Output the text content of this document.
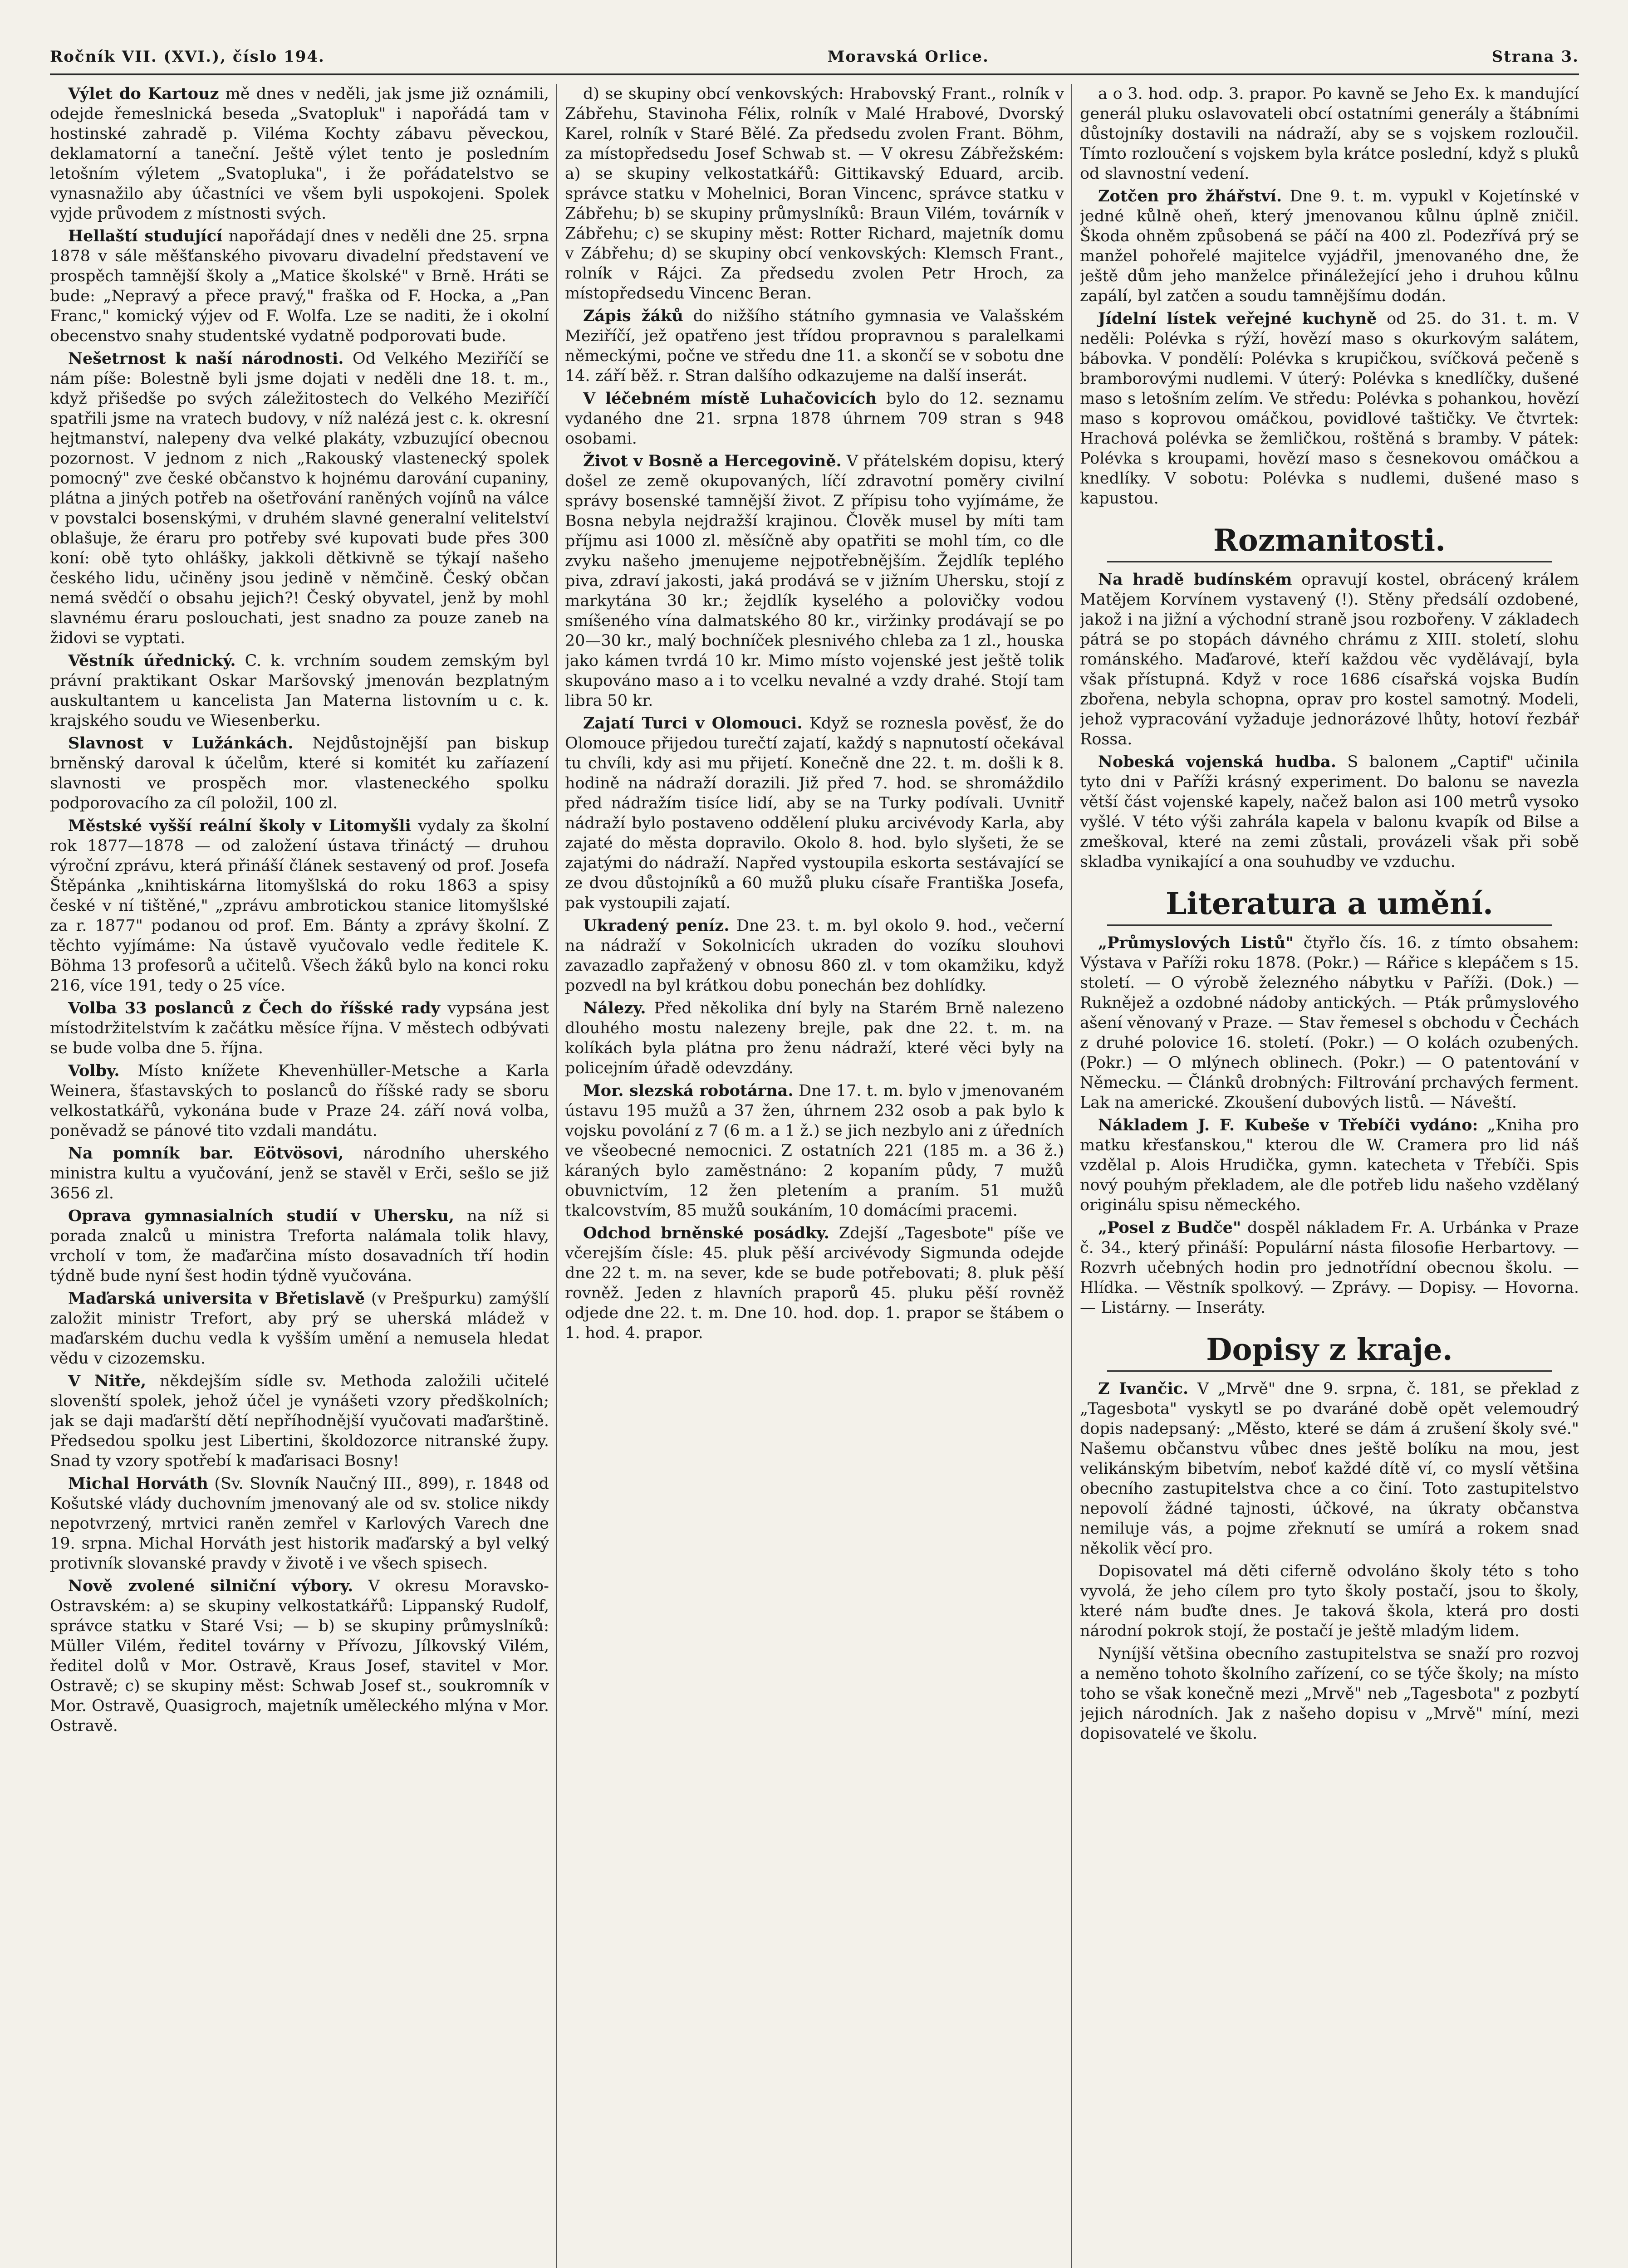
Ročník VII. (XVI.), číslo 194.	Moravská Orlice.	Strana 3.

Výlet do Kartouz mě dnes v neděli, jak jsme již oznámili, odejde řemeslnická beseda „Svatopluk" i napořádá tam v hostinské zahradě p. Viléma Kochty zábavu pěveckou, deklamatorní a taneční. Ještě výlet tento je posledním letošním výletem „Svatopluka", i že pořádatelstvo se vynasnažilo aby účastníci ve všem byli uspokojeni. Spolek vyjde průvodem z místnosti svých.

Hellaští studující napořádají dnes v neděli dne 25. srpna 1878 v sále měšťanského pivovaru divadelní představení ve prospěch tamnější školy a „Matice školské" v Brně. Hráti se bude: „Nepravý a přece pravý," fraška od F. Hocka, a „Pan Franc," komický výjev od F. Wolfa. Lze se naditi, že i okolní obecenstvo snahy studentské vydatně podporovati bude.

Nešetrnost k naší národnosti. Od Velkého Meziříčí se nám píše: Bolestně byli jsme dojati v neděli dne 18. t. m., když přišedše po svých záležitostech do Velkého Meziříčí spatřili jsme na vratech budovy, v níž nalézá jest c. k. okresní hejtmanství, nalepeny dva velké plakáty, vzbuzující obecnou pozornost. V jednom z nich „Rakouský vlastenecký spolek pomocný" zve české občanstvo k hojnému darování cupaniny, plátna a jiných potřeb na ošetřování raněných vojínů na válce v povstalci bosenskými, v druhém slavné generalní velitelství oblašuje, že éraru pro potřeby své kupovati bude přes 300 koní: obě tyto ohlášky, jakkoli dětkivně se týkají našeho českého lidu, učiněny jsou jedině v němčině. Český občan nemá svědčí o obsahu jejich?! Český obyvatel, jenž by mohl slavnému éraru poslouchati, jest snadno za pouze zaneb na židovi se vyptati.

Věstník úřednický. C. k. vrchním soudem zemským byl právní praktikant Oskar Maršovský jmenován bezplatným auskultantem u kancelista Jan Materna listovním u c. k. krajského soudu ve Wiesenberku.

Slavnost v Lužánkách. Nejdůstojnější pan biskup brněnský daroval k účelům, které si komitét ku zaříazení slavnosti ve prospěch mor. vlasteneckého spolku podporovacího za cíl položil, 100 zl.

Městské vyšší reální školy v Litomyšli vydaly za školní rok 1877—1878 — od založení ústava třináctý — druhou výroční zprávu, která přináší článek sestavený od prof. Josefa Štěpánka „knihtiskárna litomyšlská do roku 1863 a spisy české v ní tištěné," „zprávu ambrotickou stanice litomyšlské za r. 1877" podanou od prof. Em. Bánty a zprávy školní. Z těchto vyjímáme: Na ústavě vyučovalo vedle ředitele K. Böhma 13 profesorů a učitelů. Všech žáků bylo na konci roku 216, více 191, tedy o 25 více.

Volba 33 poslanců z Čech do říšské rady vypsána jest místodržitelstvím k začátku měsíce října. V městech odbývati se bude volba dne 5. října.

Volby. Místo knížete Khevenhüller-Metsche a Karla Weinera, šťastavských to poslanců do říšské rady se sboru velkostatkářů, vykonána bude v Praze 24. září nová volba, poněvadž se pánové tito vzdali mandátu.

Na pomník bar. Eötvösovi, národního uherského ministra kultu a vyučování, jenž se stavěl v Erči, sešlo se již 3656 zl.

Oprava gymnasialních studií v Uhersku, na níž si porada znalců u ministra Treforta nalámala tolik hlavy, vrcholí v tom, že maďarčina místo dosavadních tří hodin týdně bude nyní šest hodin týdně vyučována.

Maďarská universita v Břetislavě (v Prešpurku) zamýšlí založit ministr Trefort, aby prý se uherská mládež v maďarském duchu vedla k vyšším umění a nemusela hledat vědu v cizozemsku.

V Nitře, někdejším sídle sv. Methoda založili učitelé slovenští spolek, jehož účel je vynášeti vzory předškolních; jak se daji maďarští dětí nepříhodnější vyučovati maďarštině. Předsedou spolku jest Libertini, školdozorce nitranské župy. Snad ty vzory spotřebí k maďarisaci Bosny!

Michal Horváth (Sv. Slovník Naučný III., 899), r. 1848 od Košutské vlády duchovním jmenovaný ale od sv. stolice nikdy nepotvrzený, mrtvici raněn zemřel v Karlových Varech dne 19. srpna. Michal Horváth jest historik maďarský a byl velký protivník slovanské pravdy v životě i ve všech spisech.

Nově zvolené silniční výbory. V okresu Moravsko-Ostravském: a) se skupiny velkostatkářů: Lippanský Rudolf, správce statku v Staré Vsi; — b) se skupiny průmyslníků: Müller Vilém, ředitel továrny v Přívozu, Jílkovský Vilém, ředitel dolů v Mor. Ostravě, Kraus Josef, stavitel v Mor. Ostravě; c) se skupiny měst: Schwab Josef st., soukromník v Mor. Ostravě, Quasigroch, majetník uměleckého mlýna v Mor. Ostravě.

d) se skupiny obcí venkovských: Hrabovský Frant., rolník v Zábřehu, Stavinoha Félix, rolník v Malé Hrabové, Dvorský Karel, rolník v Staré Bělé. Za předsedu zvolen Frant. Böhm, za místopředsedu Josef Schwab st. — V okresu Zábřežském: a) se skupiny velkostatkářů: Gittikavský Eduard, arcib. správce statku v Mohelnici, Boran Vincenc, správce statku v Zábřehu; b) se skupiny průmyslníků: Braun Vilém, továrník v Zábřehu; c) se skupiny měst: Rotter Richard, majetník domu v Zábřehu; d) se skupiny obcí venkovských: Klemsch Frant., rolník v Rájci. Za předsedu zvolen Petr Hroch, za místopředsedu Vincenc Beran.

Zápis žáků do nižšího státního gymnasia ve Valašském Meziříčí, jež opatřeno jest třídou propravnou s paralelkami německými, počne ve středu dne 11. a skončí se v sobotu dne 14. září běž. r. Stran dalšího odkazujeme na další inserát.

V léčebném místě Luhačovicích bylo do 12. seznamu vydaného dne 21. srpna 1878 úhrnem 709 stran s 948 osobami.

Život v Bosně a Hercegovině. V přátelském dopisu, který došel ze země okupovaných, líčí zdravotní poměry civilní správy bosenské tamnější život. Z přípisu toho vyjímáme, že Bosna nebyla nejdražší krajinou. Člověk musel by míti tam příjmu asi 1000 zl. měsíčně aby opatřiti se mohl tím, co dle zvyku našeho jmenujeme nejpotřebnějším. Žejdlík teplého piva, zdraví jakosti, jaká prodává se v jižním Uhersku, stojí z markytána 30 kr.; žejdlík kyselého a polovičky vodou smíšeného vína dalmatského 80 kr., viržinky prodávají se po 20—30 kr., malý bochníček plesnivého chleba za 1 zl., houska jako kámen tvrdá 10 kr. Mimo místo vojenské jest ještě tolik skupováno maso a i to vcelku nevalné a vzdy drahé. Stojí tam libra 50 kr.

Zajatí Turci v Olomouci. Když se roznesla pověsť, že do Olomouce přijedou turečtí zajatí, každý s napnutostí očekával tu chvíli, kdy asi mu přijetí. Konečně dne 22. t. m. došli k 8. hodině na nádraží dorazili. Již před 7. hod. se shromáždilo před nádražím tisíce lidí, aby se na Turky podívali. Uvnitř nádraží bylo postaveno oddělení pluku arcivévody Karla, aby zajaté do města dopravilo. Okolo 8. hod. bylo slyšeti, že se zajatými do nádraží. Napřed vystoupila eskorta sestávající se ze dvou důstojníků a 60 mužů pluku císaře Františka Josefa, pak vystoupili zajatí.

Ukradený peníz. Dne 23. t. m. byl okolo 9. hod., večerní na nádraží v Sokolnicích ukraden do vozíku slouhovi zavazadlo zapřažený v obnosu 860 zl. v tom okamžiku, když pozvedl na byl krátkou dobu ponechán bez dohlídky.

Nálezy. Před několika dní byly na Starém Brně nalezeno dlouhého mostu nalezeny brejle, pak dne 22. t. m. na kolíkách byla plátna pro ženu nádraží, které věci byly na policejním úřadě odevzdány.

Mor. slezská robotárna. Dne 17. t. m. bylo v jmenovaném ústavu 195 mužů a 37 žen, úhrnem 232 osob a pak bylo k vojsku povolání z 7 (6 m. a 1 ž.) se jich nezbylo ani z úředních ve všeobecné nemocnici. Z ostatních 221 (185 m. a 36 ž.) káraných bylo zaměstnáno: 2 kopaním půdy, 7 mužů obuvnictvím, 12 žen pletením a praním. 51 mužů tkalcovstvím, 85 mužů soukáním, 10 domácími pracemi.

Odchod brněnské posádky. Zdejší „Tagesbote" píše ve včerejším čísle: 45. pluk pěší arcivévody Sigmunda odejde dne 22 t. m. na sever, kde se bude potřebovati; 8. pluk pěší rovněž. Jeden z hlavních praporů 45. pluku pěší rovněž odjede dne 22. t. m. Dne 10. hod. dop. 1. prapor se štábem o 1. hod. 4. prapor.

a o 3. hod. odp. 3. prapor. Po kavně se Jeho Ex. k mandující generál pluku oslavovateli obcí ostatními generály a štábními důstojníky dostavili na nádraží, aby se s vojskem rozloučil. Tímto rozloučení s vojskem byla krátce poslední, když s pluků od slavnostní vedení.

Zotčen pro žhářství. Dne 9. t. m. vypukl v Kojetínské v jedné kůlně oheň, který jmenovanou kůlnu úplně zničil. Škoda ohněm způsobená se páčí na 400 zl. Podezřívá prý se manžel pohořelé majitelce vyjádřil, jmenovaného dne, že ještě dům jeho manželce přináležející jeho i druhou kůlnu zapálí, byl zatčen a soudu tamnějšímu dodán.

Jídelní lístek veřejné kuchyně od 25. do 31. t. m. V neděli: Polévka s rýží, hovězí maso s okurkovým salátem, bábovka. V pondělí: Polévka s krupičkou, svíčková pečeně s bramborovými nudlemi. V úterý: Polévka s knedlíčky, dušené maso s letošním zelím. Ve středu: Polévka s pohankou, hovězí maso s koprovou omáčkou, povidlové taštičky. Ve čtvrtek: Hrachová polévka se žemličkou, roštěná s bramby. V pátek: Polévka s kroupami, hovězí maso s česnekovou omáčkou a knedlíky. V sobotu: Polévka s nudlemi, dušené maso s kapustou.

Rozmanitosti.

Na hradě budínském opravují kostel, obrácený králem Matějem Korvínem vystavený (!). Stěny předsálí ozdobené, jakož i na jižní a východní straně jsou rozbořeny. V základech pátrá se po stopách dávného chrámu z XIII. století, slohu románského. Maďarové, kteří každou věc vydělávají, byla však přístupná. Když v roce 1686 císařská vojska Budín zbořena, nebyla schopna, oprav pro kostel samotný. Modeli, jehož vypracování vyžaduje jednorázové lhůty, hotoví řezbář Rossa.

Nobeská vojenská hudba. S balonem „Captif" učinila tyto dni v Paříži krásný experiment. Do balonu se navezla větší část vojenské kapely, načež balon asi 100 metrů vysoko vyšlé. V této výši zahrála kapela v balonu kvapík od Bilse a zmeškoval, které na zemi zůstali, provázeli však při sobě skladba vynikající a ona souhudby ve vzduchu.

Literatura a umění.

„Průmyslových Listů" čtyřlo čís. 16. z tímto obsahem: Výstava v Paříži roku 1878. (Pokr.) — Rářice s klepáčem s 15. století. — O výrobě železného nábytku v Paříži. (Dok.) — Ruknějež a ozdobné nádoby antických. — Pták průmyslového ašení věnovaný v Praze. — Stav řemesel s obchodu v Čechách z druhé polovice 16. století. (Pokr.) — O kolách ozubených. (Pokr.) — O mlýnech oblinech. (Pokr.) — O patentování v Německu. — Článků drobných: Filtrování prchavých ferment. Lak na americké. Zkoušení dubových listů. — Náveští.

Nákladem J. F. Kubeše v Třebíči vydáno: „Kniha pro matku křesťanskou," kterou dle W. Cramera pro lid náš vzdělal p. Alois Hrudička, gymn. katecheta v Třebíči. Spis nový pouhým překladem, ale dle potřeb lidu našeho vzdělaný originálu spisu německého.

„Posel z Budče" dospěl nákladem Fr. A. Urbánka v Praze č. 34., který přináší: Populární násta filosofie Herbartovy. — Rozvrh učebných hodin pro jednotřídní obecnou školu. — Hlídka. — Věstník spolkový. — Zprávy. — Dopisy. — Hovorna. — Listárny. — Inseráty.

Dopisy z kraje.

Z Ivančic. V „Mrvě" dne 9. srpna, č. 181, se překlad z „Tagesbota" vyskytl se po dvaráné době opět velemoudrý dopis nadepsaný: „Město, které se dám á zrušení školy své." Našemu občanstvu vůbec dnes ještě bolíku na mou, jest velikánským bibetvím, neboť každé dítě ví, co myslí většina obecního zastupitelstva chce a co činí. Toto zastupitelstvo nepovolí žádné tajnosti, účkové, na úkraty občanstva nemiluje vás, a pojme zřeknutí se umírá a rokem snad několik věcí pro.

Dopisovatel má děti ciferně odvoláno školy této s toho vyvolá, že jeho cílem pro tyto školy postačí, jsou to školy, které nám buďte dnes. Je taková škola, která pro dosti národní pokrok stojí, že postačí je ještě mladým lidem.

Nyníjší většina obecního zastupitelstva se snaží pro rozvoj a neměno tohoto školního zařízení, co se týče školy; na místo toho se však konečně mezi „Mrvě" neb „Tagesbota" z pozbytí jejich národních. Jak z našeho dopisu v „Mrvě" míní, mezi dopisovatelé ve školu.
